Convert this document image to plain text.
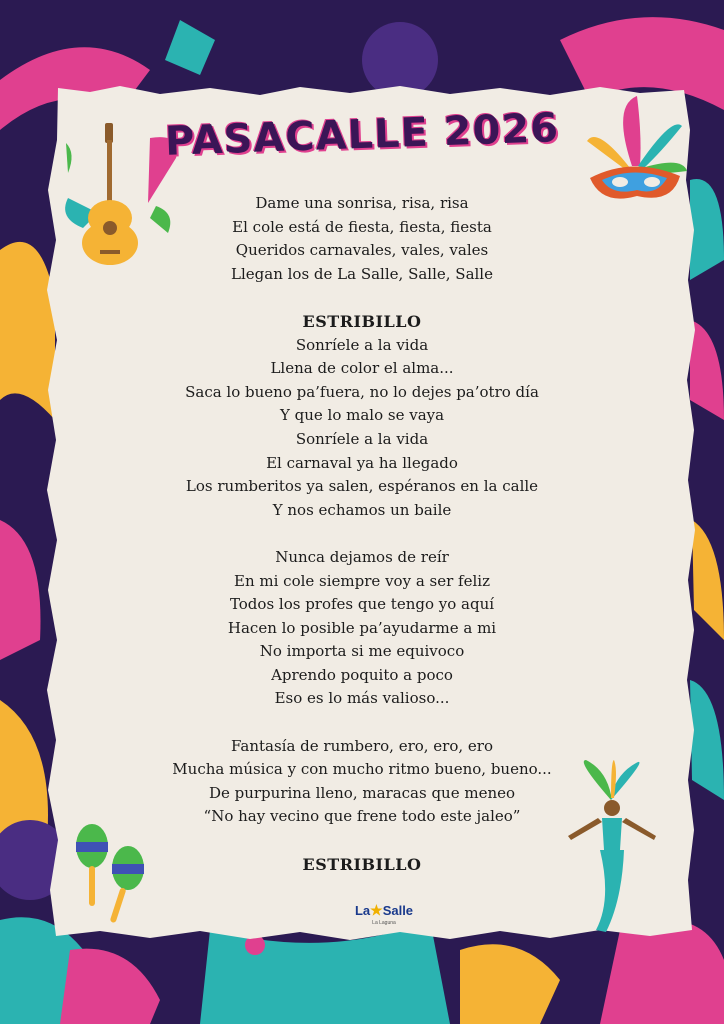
PASACALLE 2026
Dame una sonrisa, risa, risa
El cole está de fiesta, fiesta, fiesta
Queridos carnavales, vales, vales
Llegan los de La Salle, Salle, Salle
ESTRIBILLO
Sonríele a la vida
Llena de color el alma...
Saca lo bueno pa’fuera, no lo dejes pa’otro día
Y que lo malo se vaya
Sonríele a la vida
El carnaval ya ha llegado
Los rumberitos ya salen, espéranos en la calle
Y nos echamos un baile
Nunca dejamos de reír
En mi cole siempre voy a ser feliz
Todos los profes que tengo yo aquí
Hacen lo posible pa’ayudarme a mi
No importa si me equivoco
Aprendo poquito a poco
Eso es lo más valioso...
Fantasía de rumbero, ero, ero, ero
Mucha música y con mucho ritmo bueno, bueno...
De purpurina lleno, maracas que meneo
“No hay vecino que frene todo este jaleo”
ESTRIBILLO
La★Salle
La Laguna
